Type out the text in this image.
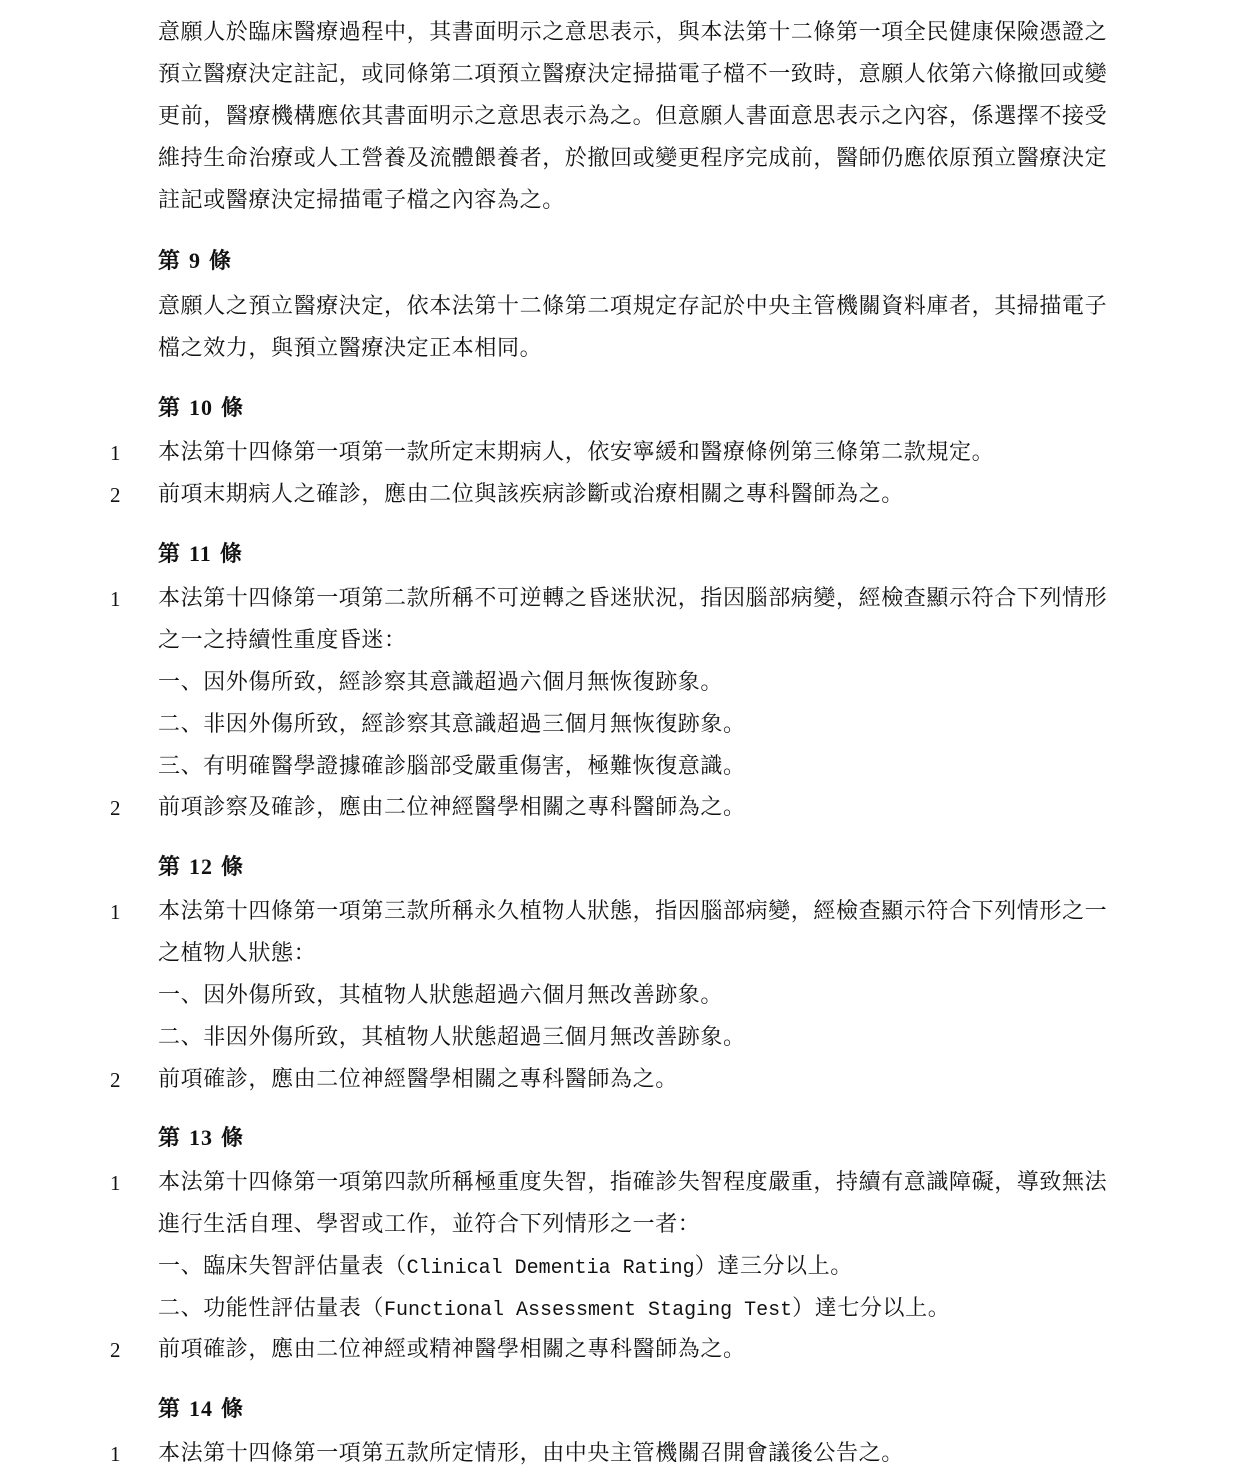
意願人於臨床醫療過程中，其書面明示之意思表示，與本法第十二條第一項全民健康保險憑證之
預立醫療決定註記，或同條第二項預立醫療決定掃描電子檔不一致時，意願人依第六條撤回或變
更前，醫療機構應依其書面明示之意思表示為之。但意願人書面意思表示之內容，係選擇不接受
維持生命治療或人工營養及流體餵養者，於撤回或變更程序完成前，醫師仍應依原預立醫療決定
註記或醫療決定掃描電子檔之內容為之。
第 9 條
意願人之預立醫療決定，依本法第十二條第二項規定存記於中央主管機關資料庫者，其掃描電子
檔之效力，與預立醫療決定正本相同。
第 10 條
1	本法第十四條第一項第一款所定末期病人，依安寧緩和醫療條例第三條第二款規定。
2	前項末期病人之確診，應由二位與該疾病診斷或治療相關之專科醫師為之。
第 11 條
1	本法第十四條第一項第二款所稱不可逆轉之昏迷狀況，指因腦部病變，經檢查顯示符合下列情形
之一之持續性重度昏迷：
一、因外傷所致，經診察其意識超過六個月無恢復跡象。
二、非因外傷所致，經診察其意識超過三個月無恢復跡象。
三、有明確醫學證據確診腦部受嚴重傷害，極難恢復意識。
2	前項診察及確診，應由二位神經醫學相關之專科醫師為之。
第 12 條
1	本法第十四條第一項第三款所稱永久植物人狀態，指因腦部病變，經檢查顯示符合下列情形之一
之植物人狀態：
一、因外傷所致，其植物人狀態超過六個月無改善跡象。
二、非因外傷所致，其植物人狀態超過三個月無改善跡象。
2	前項確診，應由二位神經醫學相關之專科醫師為之。
第 13 條
1	本法第十四條第一項第四款所稱極重度失智，指確診失智程度嚴重，持續有意識障礙，導致無法
進行生活自理、學習或工作，並符合下列情形之一者：
一、臨床失智評估量表（Clinical Dementia Rating）達三分以上。
二、功能性評估量表（Functional Assessment Staging Test）達七分以上。
2	前項確診，應由二位神經或精神醫學相關之專科醫師為之。
第 14 條
1	本法第十四條第一項第五款所定情形，由中央主管機關召開會議後公告之。
